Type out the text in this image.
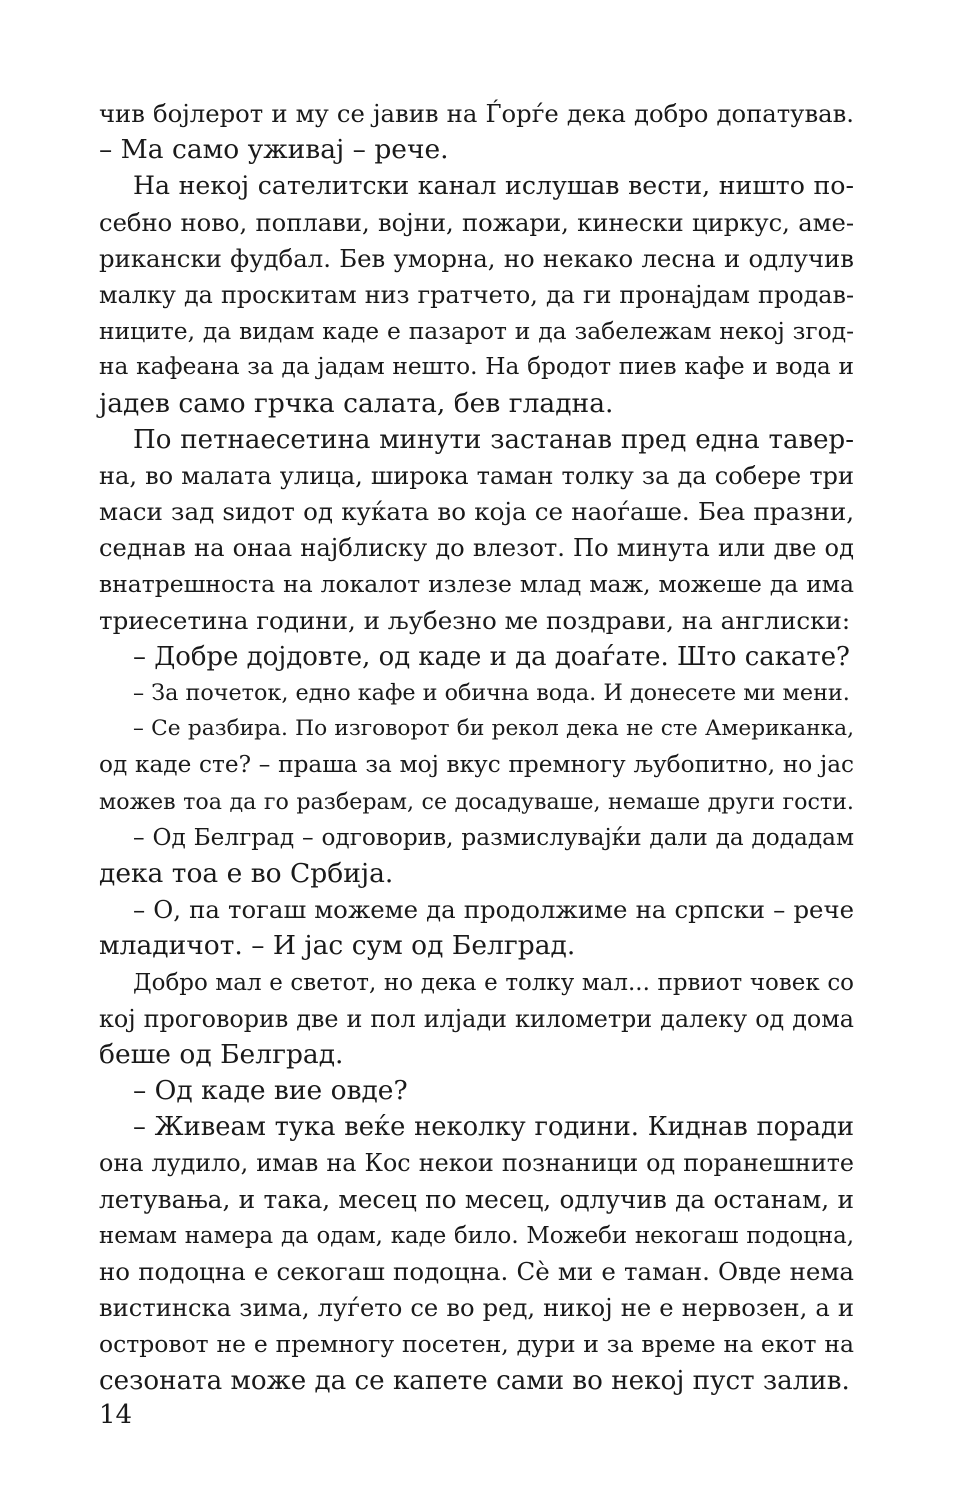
чив бојлерот и му се јавив на Ѓорѓе дека добро допатував.
– Ма само уживај – рече.
На некој сателитски канал ислушав вести, ништо по-
себно ново, поплави, војни, пожари, кинески циркус, аме-
рикански фудбал. Бев уморна, но некако лесна и одлучив
малку да проскитам низ гратчето, да ги пронајдам продав-
ниците, да видам каде е пазарот и да забележам некој згод-
на кафеана за да јадам нешто. На бродот пиев кафе и вода и
јадев само грчка салата, бев гладна.
По петнаесетина минути застанав пред една тавер-
на, во малата улица, широка таман толку за да собере три
маси зад ѕидот од куќата во која се наоѓаше. Беа празни,
седнав на онаа најблиску до влезот. По минута или две од
внатрешноста на локалот излезе млад маж, можеше да има
триесетина години, и љубезно ме поздрави, на англиски:
– Добре дојдовте, од каде и да доаѓате. Што сакате?
– За почеток, едно кафе и обична вода. И донесете ми мени.
– Се разбира. По изговорот би рекол дека не сте Американка,
од каде сте? – праша за мој вкус премногу љубопитно, но јас
можев тоа да го разберам, се досадуваше, немаше други гости.
– Од Белград – одговорив, размислувајќи дали да додадам
дека тоа е во Србија.
– О, па тогаш можеме да продолжиме на српски – рече
младичот. – И јас сум од Белград.
Добро мал е светот, но дека е толку мал... првиот човек со
кој проговорив две и пол илјади километри далеку од дома
беше од Белград.
– Од каде вие овде?
– Живеам тука веќе неколку години. Киднав поради
она лудило, имав на Кос некои познаници од поранешните
летувања, и така, месец по месец, одлучив да останам, и
немам намера да одам, каде било. Можеби некогаш подоцна,
но подоцна е секогаш подоцна. Сè ми е таман. Овде нема
вистинска зима, луѓето се во ред, никој не е нервозен, а и
островот не е премногу посетен, дури и за време на екот на
сезоната може да се капете сами во некој пуст залив.
14
